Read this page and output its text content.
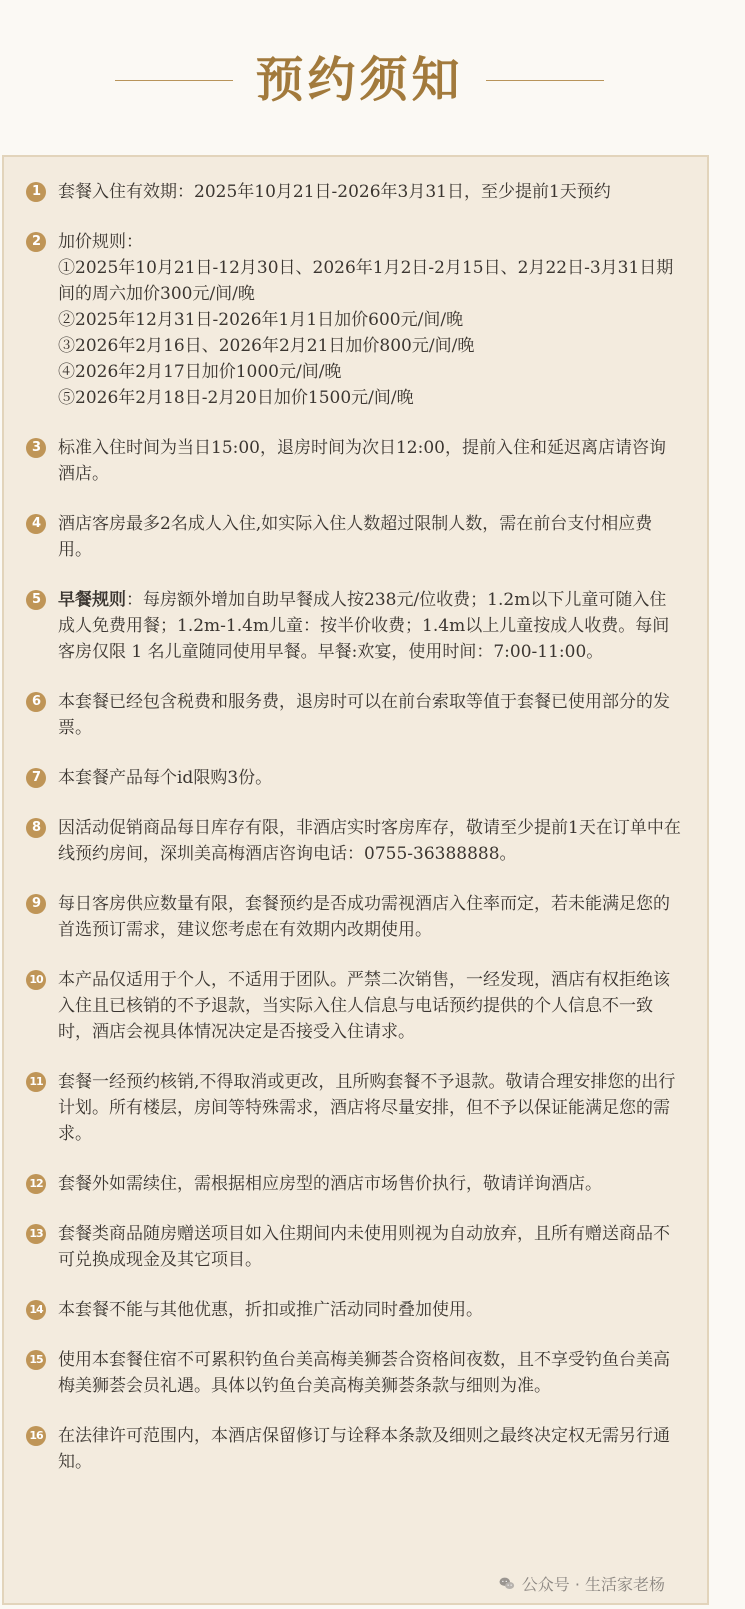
预约须知
1	套餐入住有效期：2025年10月21日-2026年3月31日，至少提前1天预约
2	加价规则：
①2025年10月21日-12月30日、2026年1月2日-2月15日、2月22日-3月31日期间的周六加价300元/间/晚
②2025年12月31日-2026年1月1日加价600元/间/晚
③2026年2月16日、2026年2月21日加价800元/间/晚
④2026年2月17日加价1000元/间/晚
⑤2026年2月18日-2月20日加价1500元/间/晚
3	标准入住时间为当日15:00，退房时间为次日12:00，提前入住和延迟离店请咨询酒店。
4	酒店客房最多2名成人入住,如实际入住人数超过限制人数，需在前台支付相应费用。
5	早餐规则：每房额外增加自助早餐成人按238元/位收费；1.2m以下儿童可随入住成人免费用餐；1.2m-1.4m儿童：按半价收费；1.4m以上儿童按成人收费。每间客房仅限 1 名儿童随同使用早餐。早餐:欢宴，使用时间：7:00-11:00。
6	本套餐已经包含税费和服务费，退房时可以在前台索取等值于套餐已使用部分的发票。
7	本套餐产品每个id限购3份。
8	因活动促销商品每日库存有限，非酒店实时客房库存，敬请至少提前1天在订单中在线预约房间，深圳美高梅酒店咨询电话：0755-36388888。
9	每日客房供应数量有限，套餐预约是否成功需视酒店入住率而定，若未能满足您的首选预订需求，建议您考虑在有效期内改期使用。
10 本产品仅适用于个人，不适用于团队。严禁二次销售，一经发现，酒店有权拒绝该入住且已核销的不予退款，当实际入住人信息与电话预约提供的个人信息不一致时，酒店会视具体情况决定是否接受入住请求。
11 套餐一经预约核销,不得取消或更改，且所购套餐不予退款。敬请合理安排您的出行计划。所有楼层，房间等特殊需求，酒店将尽量安排，但不予以保证能满足您的需求。
12 套餐外如需续住，需根据相应房型的酒店市场售价执行，敬请详询酒店。
13 套餐类商品随房赠送项目如入住期间内未使用则视为自动放弃，且所有赠送商品不可兑换成现金及其它项目。
14 本套餐不能与其他优惠，折扣或推广活动同时叠加使用。
15 使用本套餐住宿不可累积钓鱼台美高梅美狮荟合资格间夜数，且不享受钓鱼台美高梅美狮荟会员礼遇。具体以钓鱼台美高梅美狮荟条款与细则为准。
16 在法律许可范围内，本酒店保留修订与诠释本条款及细则之最终决定权无需另行通知。
公众号 · 生活家老杨
